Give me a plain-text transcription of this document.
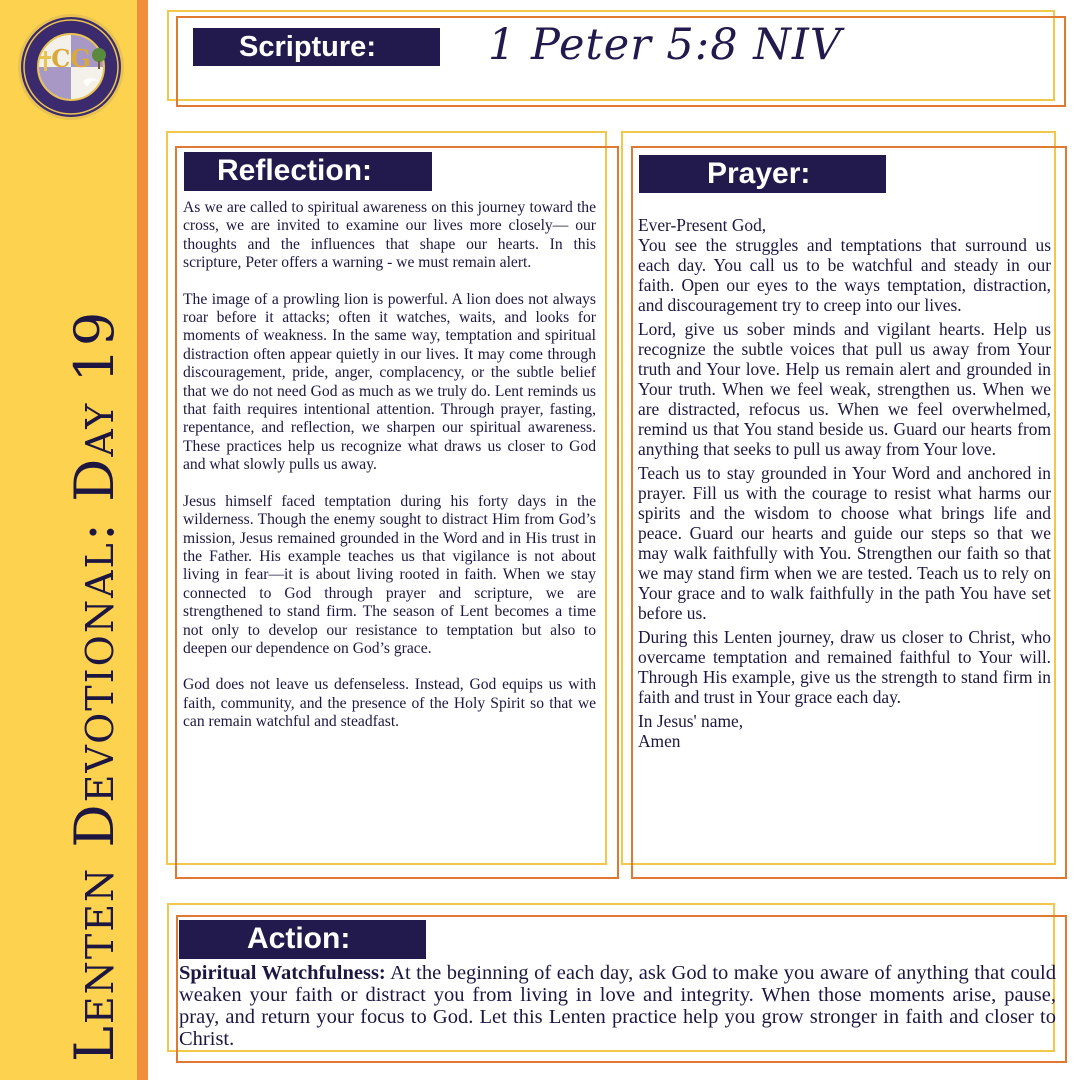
CG
Lenten Devotional: Day 19
Scripture:	1 Peter 5:8 NIV
Reflection:

As we are called to spiritual awareness on this journey toward the cross, we are invited to examine our lives more closely— our thoughts and the influences that shape our hearts. In this scripture, Peter offers a warning - we must remain alert.

The image of a prowling lion is powerful. A lion does not always roar before it attacks; often it watches, waits, and looks for moments of weakness. In the same way, temptation and spiritual distraction often appear quietly in our lives. It may come through discouragement, pride, anger, complacency, or the subtle belief that we do not need God as much as we truly do. Lent reminds us that faith requires intentional attention. Through prayer, fasting, repentance, and reflection, we sharpen our spiritual awareness. These practices help us recognize what draws us closer to God and what slowly pulls us away.

Jesus himself faced temptation during his forty days in the wilderness. Though the enemy sought to distract Him from God’s mission, Jesus remained grounded in the Word and in His trust in the Father. His example teaches us that vigilance is not about living in fear—it is about living rooted in faith. When we stay connected to God through prayer and scripture, we are strengthened to stand firm. The season of Lent becomes a time not only to develop our resistance to temptation but also to deepen our dependence on God’s grace.

God does not leave us defenseless. Instead, God equips us with faith, community, and the presence of the Holy Spirit so that we can remain watchful and steadfast.

Prayer:

Ever-Present God,
You see the struggles and temptations that surround us each day. You call us to be watchful and steady in our faith. Open our eyes to the ways temptation, distraction, and discouragement try to creep into our lives.

Lord, give us sober minds and vigilant hearts. Help us recognize the subtle voices that pull us away from Your truth and Your love. Help us remain alert and grounded in Your truth. When we feel weak, strengthen us. When we are distracted, refocus us. When we feel overwhelmed, remind us that You stand beside us. Guard our hearts from anything that seeks to pull us away from Your love.

Teach us to stay grounded in Your Word and anchored in prayer. Fill us with the courage to resist what harms our spirits and the wisdom to choose what brings life and peace. Guard our hearts and guide our steps so that we may walk faithfully with You. Strengthen our faith so that we may stand firm when we are tested. Teach us to rely on Your grace and to walk faithfully in the path You have set before us.

During this Lenten journey, draw us closer to Christ, who overcame temptation and remained faithful to Your will. Through His example, give us the strength to stand firm in faith and trust in Your grace each day.

In Jesus' name,
Amen

Action:
Spiritual Watchfulness: At the beginning of each day, ask God to make you aware of anything that could weaken your faith or distract you from living in love and integrity. When those moments arise, pause, pray, and return your focus to God. Let this Lenten practice help you grow stronger in faith and closer to Christ.
